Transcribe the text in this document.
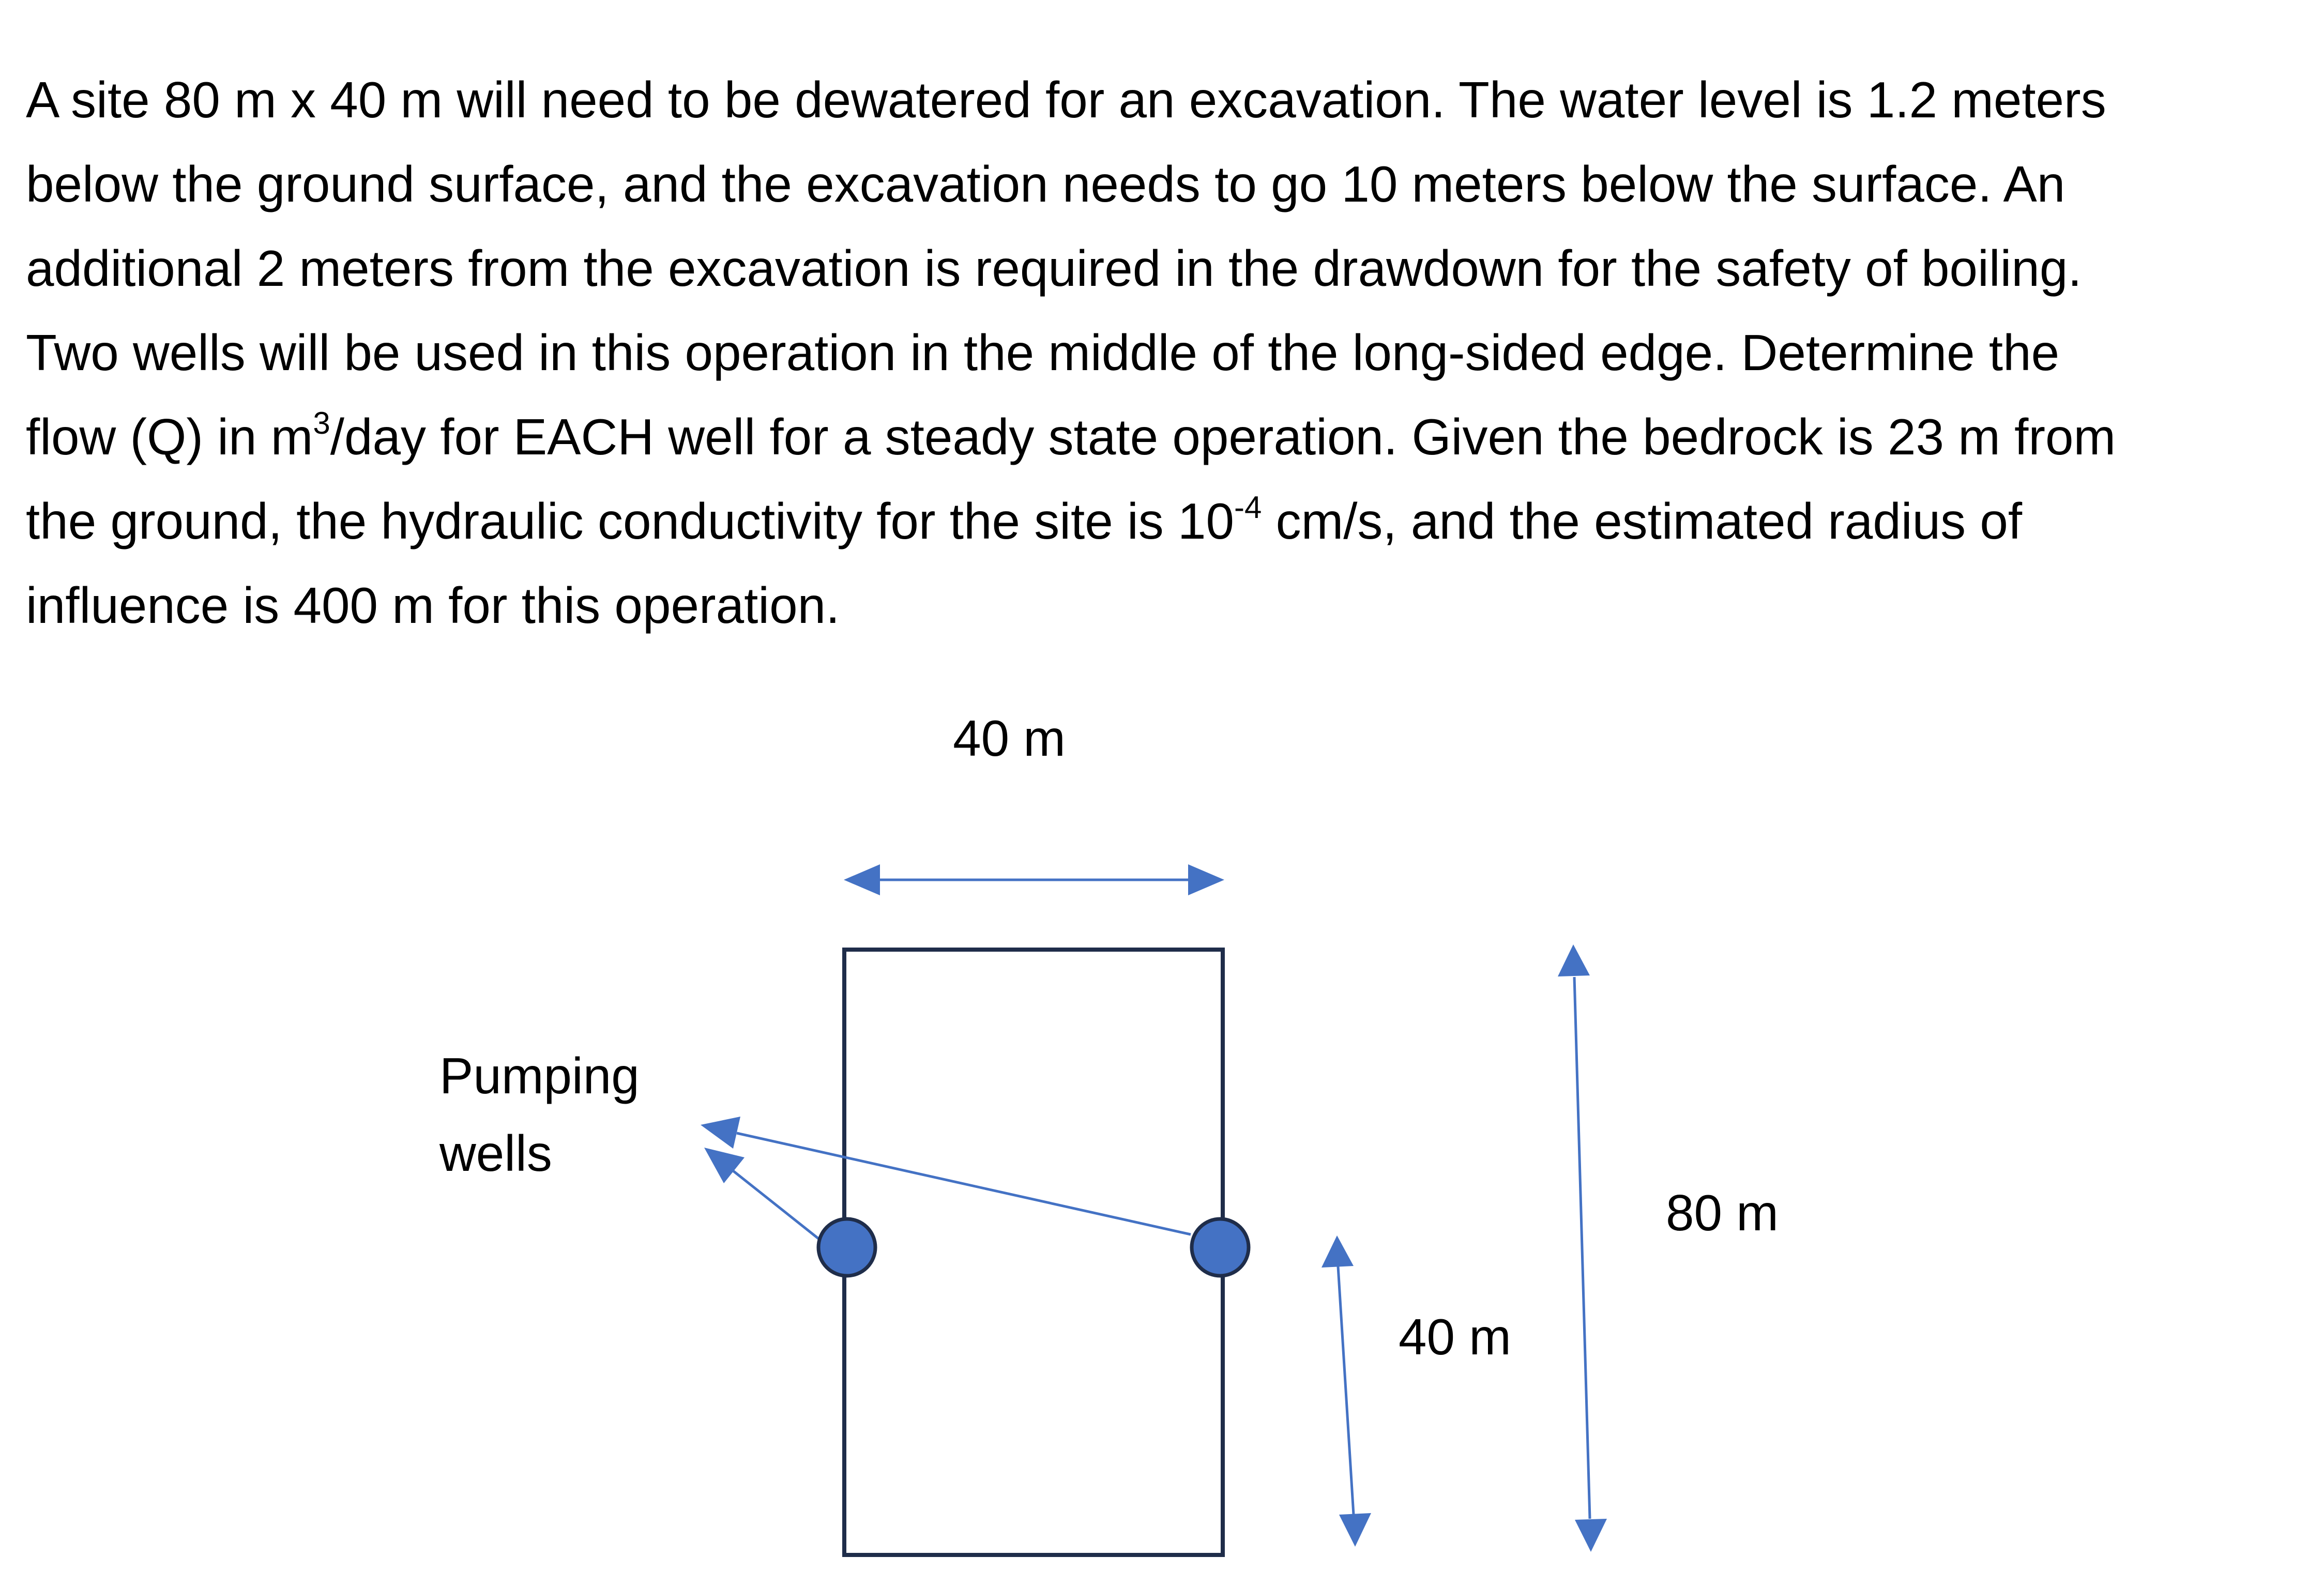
A site 80 m x 40 m will need to be dewatered for an excavation. The water level is 1.2 meters
below the ground surface, and the excavation needs to go 10 meters below the surface. An
additional 2 meters from the excavation is required in the drawdown for the safety of boiling.
Two wells will be used in this operation in the middle of the long-sided edge. Determine the
flow (Q) in $m^3$/day for EACH well for a steady state operation. Given the bedrock is 23 m from
the ground, the hydraulic conductivity for the site is $10^{-4}$ cm/s, and the estimated radius of
influence is 400 m for this operation.
40 m
Pumping
wells
40 m
80 m
